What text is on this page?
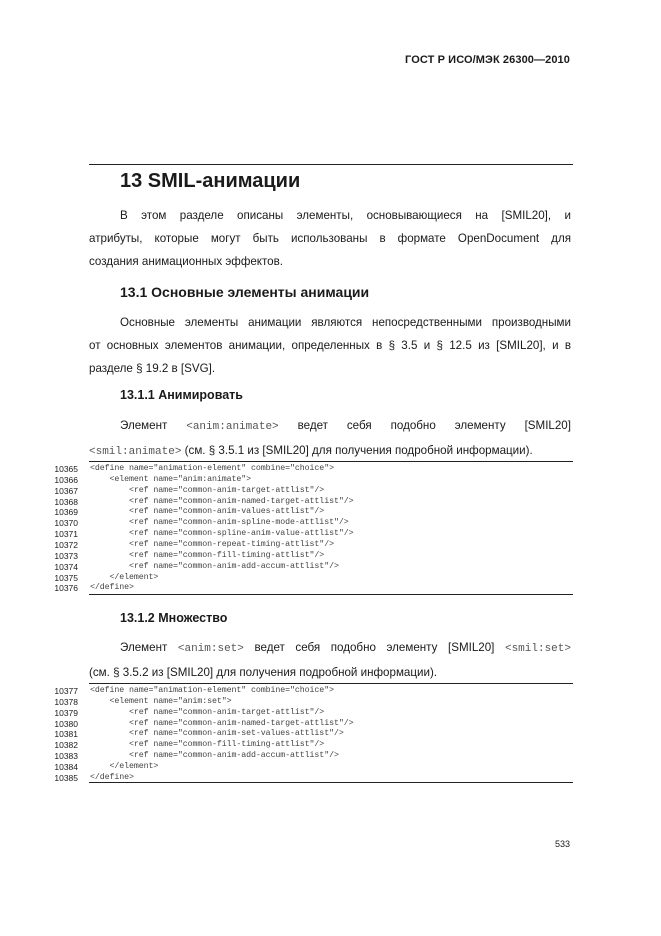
ГОСТ Р ИСО/МЭК 26300—2010
13 SMIL-анимации
В этом разделе описаны элементы, основывающиеся на [SMIL20], и
атрибуты, которые могут быть использованы в формате OpenDocument для
создания анимационных эффектов.
13.1 Основные элементы анимации
Основные элементы анимации являются непосредственными производными
от основных элементов анимации, определенных в § 3.5 и § 12.5 из [SMIL20], и в
разделе § 19.2 в [SVG].
13.1.1 Анимировать
Элемент <anim:animate> ведет себя подобно элементу [SMIL20]
<smil:animate> (см. § 3.5.1 из [SMIL20] для получения подробной информации).
10365 <define name="animation-element" combine="choice">
10366 <element name="anim:animate">
10367 <ref name="common-anim-target-attlist"/>
10368 <ref name="common-anim-named-target-attlist"/>
10369 <ref name="common-anim-values-attlist"/>
10370 <ref name="common-anim-spline-mode-attlist"/>
10371 <ref name="common-spline-anim-value-attlist"/>
10372 <ref name="common-repeat-timing-attlist"/>
10373 <ref name="common-fill-timing-attlist"/>
10374 <ref name="common-anim-add-accum-attlist"/>
10375 </element>
10376 </define>
13.1.2 Множество
Элемент <anim:set> ведет себя подобно элементу [SMIL20] <smil:set>
(см. § 3.5.2 из [SMIL20] для получения подробной информации).
10377 <define name="animation-element" combine="choice">
10378 <element name="anim:set">
10379 <ref name="common-anim-target-attlist"/>
10380 <ref name="common-anim-named-target-attlist"/>
10381 <ref name="common-anim-set-values-attlist"/>
10382 <ref name="common-fill-timing-attlist"/>
10383 <ref name="common-anim-add-accum-attlist"/>
10384 </element>
10385 </define>
533
